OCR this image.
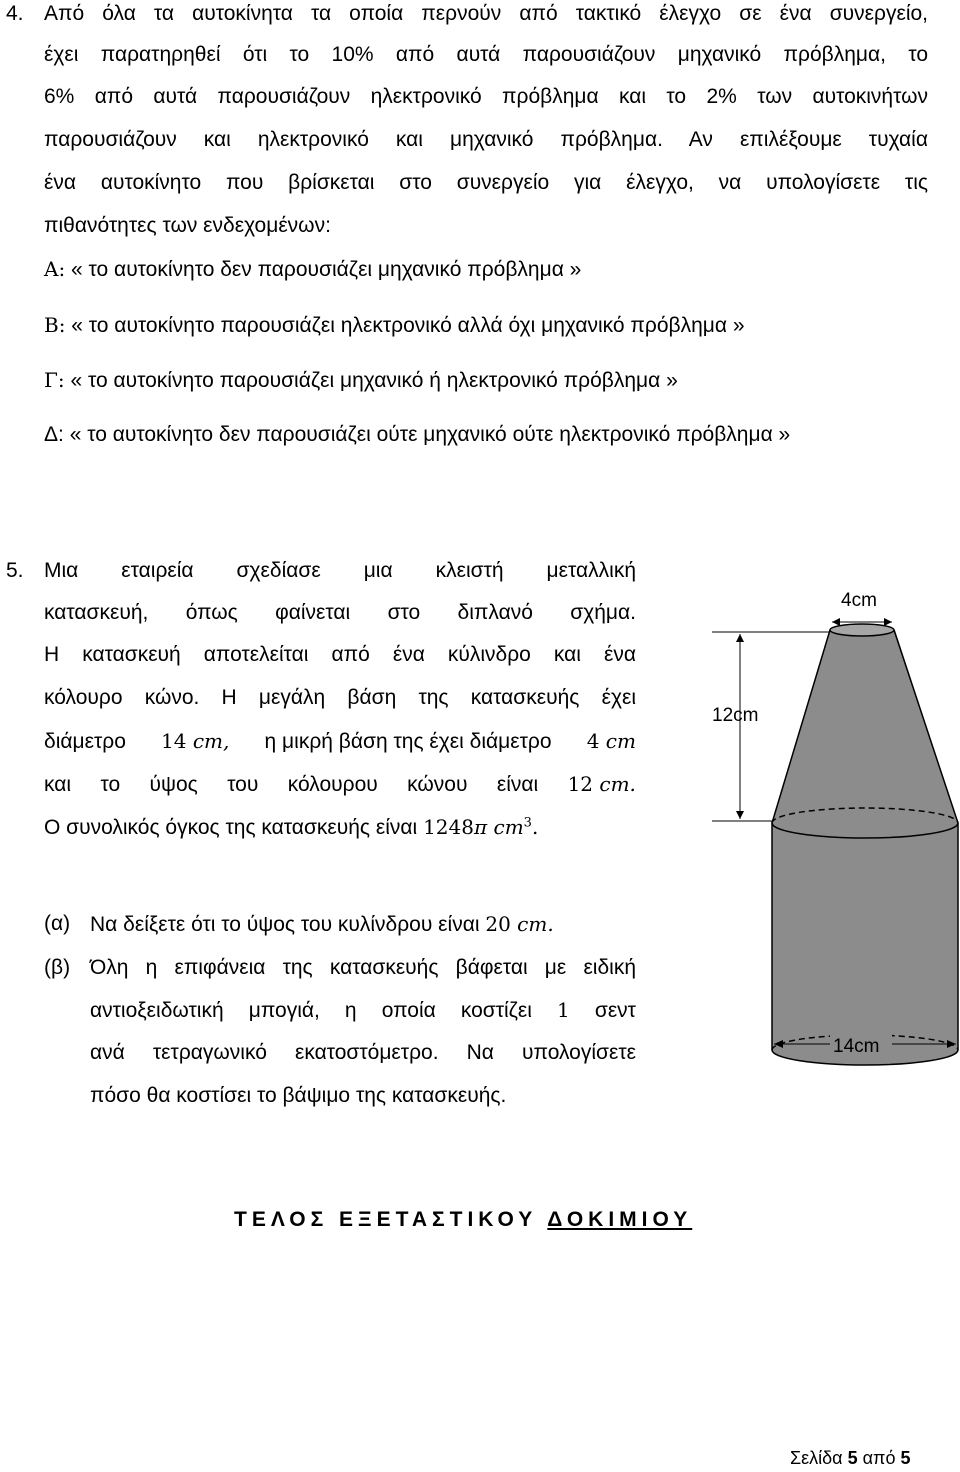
4. Από όλα τα αυτοκίνητα τα οποία περνούν από τακτικό έλεγχο σε ένα συνεργείο,
έχει παρατηρηθεί ότι το 10% από αυτά παρουσιάζουν μηχανικό πρόβλημα, το
6% από αυτά παρουσιάζουν ηλεκτρονικό πρόβλημα και το 2% των αυτοκινήτων
παρουσιάζουν και ηλεκτρονικό και μηχανικό πρόβλημα. Αν επιλέξουμε τυχαία
ένα αυτοκίνητο που βρίσκεται στο συνεργείο για έλεγχο, να υπολογίσετε τις
πιθανότητες των ενδεχομένων:
Α: « το αυτοκίνητο δεν παρουσιάζει μηχανικό πρόβλημα »
Β: « το αυτοκίνητο παρουσιάζει ηλεκτρονικό αλλά όχι μηχανικό πρόβλημα »
Γ: « το αυτοκίνητο παρουσιάζει μηχανικό ή ηλεκτρονικό πρόβλημα »
Δ: « το αυτοκίνητο δεν παρουσιάζει ούτε μηχανικό ούτε ηλεκτρονικό πρόβλημα »
5. Μια εταιρεία σχεδίασε μια κλειστή μεταλλική
κατασκευή, όπως φαίνεται στο διπλανό σχήμα.
Η κατασκευή αποτελείται από ένα κύλινδρο και ένα
κόλουρο κώνο. Η μεγάλη βάση της κατασκευής έχει
διάμετρο 14 cm, η μικρή βάση της έχει διάμετρο 4 cm
και το ύψος του κόλουρου κώνου είναι 12 cm.
Ο συνολικός όγκος της κατασκευής είναι 1248π $cm^3$.
(α) Να δείξετε ότι το ύψος του κυλίνδρου είναι 20 cm.
(β) Όλη η επιφάνεια της κατασκευής βάφεται με ειδική
αντιοξειδωτική μπογιά, η οποία κοστίζει 1 σεντ
ανά τετραγωνικό εκατοστόμετρο. Να υπολογίσετε
πόσο θα κοστίσει το βάψιμο της κατασκευής.
4cm
12cm
14cm
ΤΕΛΟΣ ΕΞΕΤΑΣΤΙΚΟΥ ΔΟΚΙΜΙΟΥ
Σελίδα 5 από 5
